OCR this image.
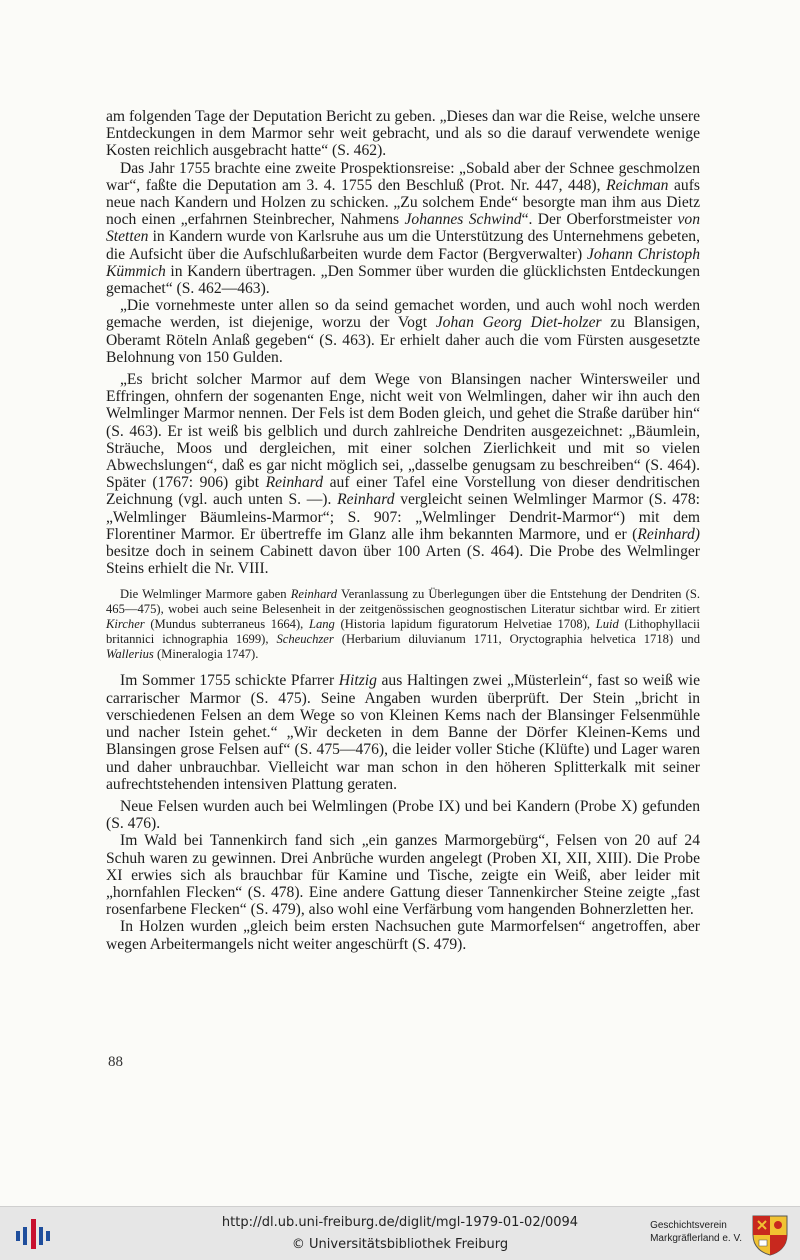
am folgenden Tage der Deputation Bericht zu geben. „Dieses dan war die Reise, welche unsere Entdeckungen in dem Marmor sehr weit gebracht, und als so die darauf verwendete wenige Kosten reichlich ausgebracht hatte“ (S. 462).

Das Jahr 1755 brachte eine zweite Prospektionsreise: „Sobald aber der Schnee geschmolzen war“, faßte die Deputation am 3. 4. 1755 den Beschluß (Prot. Nr. 447, 448), Reichman aufs neue nach Kandern und Holzen zu schicken. „Zu solchem Ende“ besorgte man ihm aus Dietz noch einen „erfahrnen Steinbrecher, Nahmens Johannes Schwind“. Der Oberforstmeister von Stetten in Kandern wurde von Karlsruhe aus um die Unterstützung des Unternehmens gebeten, die Aufsicht über die Aufschlußarbeiten wurde dem Factor (Bergverwalter) Johann Christoph Kümmich in Kandern übertragen. „Den Sommer über wurden die glücklichsten Entdeckungen gemachet“ (S. 462—463).

„Die vornehmeste unter allen so da seind gemachet worden, und auch wohl noch werden gemache werden, ist diejenige, worzu der Vogt Johan Georg Diet-holzer zu Blansigen, Oberamt Röteln Anlaß gegeben“ (S. 463). Er erhielt daher auch die vom Fürsten ausgesetzte Belohnung von 150 Gulden.

„Es bricht solcher Marmor auf dem Wege von Blansingen nacher Wintersweiler und Effringen, ohnfern der sogenanten Enge, nicht weit von Welmlingen, daher wir ihn auch den Welmlinger Marmor nennen. Der Fels ist dem Boden gleich, und gehet die Straße darüber hin“ (S. 463). Er ist weiß bis gelblich und durch zahlreiche Dendriten ausgezeichnet: „Bäumlein, Sträuche, Moos und dergleichen, mit einer solchen Zierlichkeit und mit so vielen Abwechslungen“, daß es gar nicht möglich sei, „dasselbe genugsam zu beschreiben“ (S. 464). Später (1767: 906) gibt Reinhard auf einer Tafel eine Vorstellung von dieser dendritischen Zeichnung (vgl. auch unten S. —). Reinhard vergleicht seinen Welmlinger Marmor (S. 478: „Welmlinger Bäumleins-Marmor“; S. 907: „Welmlinger Dendrit-Marmor“) mit dem Florentiner Marmor. Er übertreffe im Glanz alle ihm bekannten Marmore, und er (Reinhard) besitze doch in seinem Cabinett davon über 100 Arten (S. 464). Die Probe des Welmlinger Steins erhielt die Nr. VIII.

Die Welmlinger Marmore gaben Reinhard Veranlassung zu Überlegungen über die Entstehung der Dendriten (S. 465—475), wobei auch seine Belesenheit in der zeitgenössischen geognostischen Literatur sichtbar wird. Er zitiert Kircher (Mundus subterraneus 1664), Lang (Historia lapidum figuratorum Helvetiae 1708), Luid (Lithophyllacii britannici ichnographia 1699), Scheuchzer (Herbarium diluvianum 1711, Oryctographia helvetica 1718) und Wallerius (Mineralogia 1747).

Im Sommer 1755 schickte Pfarrer Hitzig aus Haltingen zwei „Müsterlein“, fast so weiß wie carrarischer Marmor (S. 475). Seine Angaben wurden überprüft. Der Stein „bricht in verschiedenen Felsen an dem Wege so von Kleinen Kems nach der Blansinger Felsenmühle und nacher Istein gehet.“ „Wir decketen in dem Banne der Dörfer Kleinen-Kems und Blansingen grose Felsen auf“ (S. 475—476), die leider voller Stiche (Klüfte) und Lager waren und daher unbrauchbar. Vielleicht war man schon in den höheren Splitterkalk mit seiner aufrechtstehenden intensiven Plattung geraten.

Neue Felsen wurden auch bei Welmlingen (Probe IX) und bei Kandern (Probe X) gefunden (S. 476).

Im Wald bei Tannenkirch fand sich „ein ganzes Marmorgebürg“, Felsen von 20 auf 24 Schuh waren zu gewinnen. Drei Anbrüche wurden angelegt (Proben XI, XII, XIII). Die Probe XI erwies sich als brauchbar für Kamine und Tische, zeigte ein Weiß, aber leider mit „hornfahlen Flecken“ (S. 478). Eine andere Gattung dieser Tannenkircher Steine zeigte „fast rosenfarbene Flecken“ (S. 479), also wohl eine Verfärbung vom hangenden Bohnerzletten her.

In Holzen wurden „gleich beim ersten Nachsuchen gute Marmorfelsen“ angetroffen, aber wegen Arbeitermangels nicht weiter angeschürft (S. 479).

88
http://dl.ub.uni-freiburg.de/diglit/mgl-1979-01-02/0094
© Universitätsbibliothek Freiburg
Geschichtsverein
Markgräflerland e. V.
